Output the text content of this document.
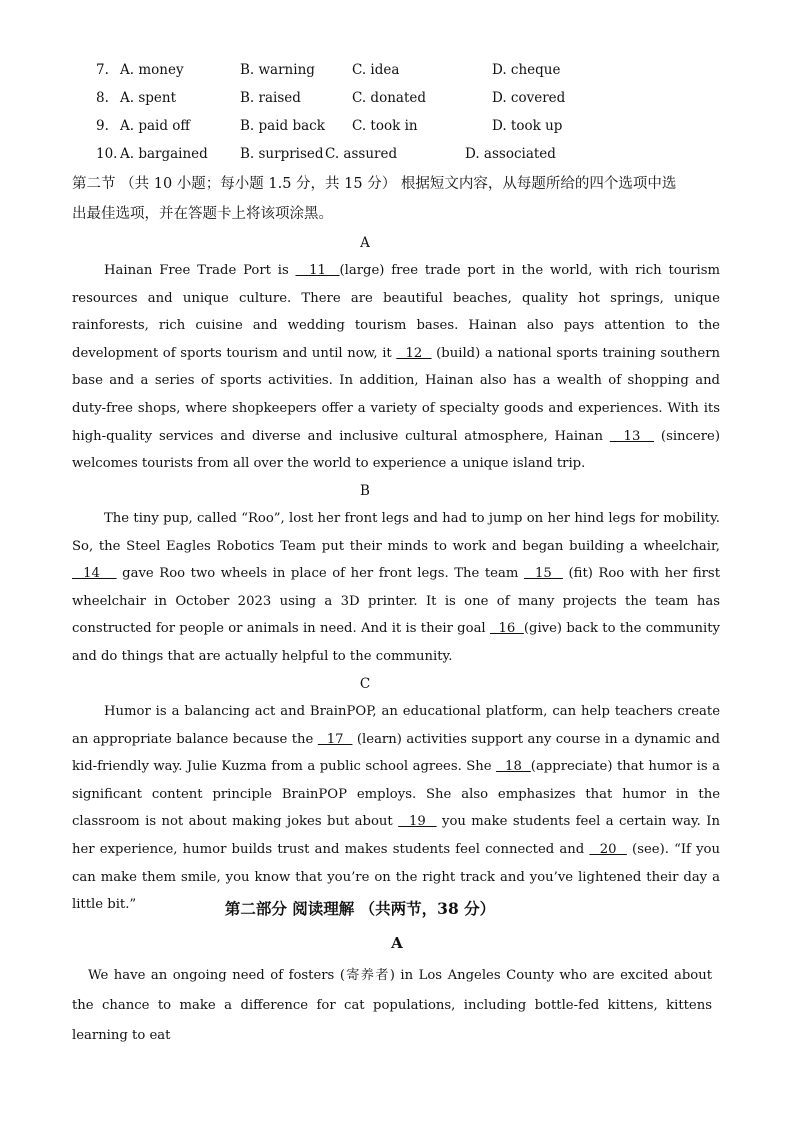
7. A. money	B. warning	C. idea	D. cheque
8. A. spent	B. raised	C. donated	D. covered
9. A. paid off	B. paid back C. took in	D. took up
10. A. bargained B. surprised C. assured	D. associated
第二节 （共 10 小题；每小题 1.5 分，共 15 分） 根据短文内容，从每题所给的四个选项中选
出最佳选项，并在答题卡上将该项涂黑。
A

Hainan Free Trade Port is   11  (large) free trade port in the world, with rich tourism resources and unique culture. There are beautiful beaches, quality hot springs, unique rainforests, rich cuisine and wedding tourism bases. Hainan also pays attention to the development of sports tourism and until now, it   12   (build) a national sports training southern base and a series of sports activities. In addition, Hainan also has a wealth of shopping and duty-free shops, where shopkeepers offer a variety of specialty goods and experiences. With its high-quality services and diverse and inclusive cultural atmosphere, Hainan   13   (sincere) welcomes tourists from all over the world to experience a unique island trip.

B

The tiny pup, called “Roo”, lost her front legs and had to jump on her hind legs for mobility. So, the Steel Eagles Robotics Team put their minds to work and began building a wheelchair,   14    gave Roo two wheels in place of her front legs. The team   15   (fit) Roo with her first wheelchair in October 2023 using a 3D printer. It is one of many projects the team has constructed for people or animals in need. And it is their goal   16  (give) back to the community and do things that are actually helpful to the community.

C

Humor is a balancing act and BrainPOP, an educational platform, can help teachers create an appropriate balance because the   17   (learn) activities support any course in a dynamic and kid-friendly way. Julie Kuzma from a public school agrees. She   18  (appreciate) that humor is a significant content principle BrainPOP employs. She also emphasizes that humor in the classroom is not about making jokes but about   19   you make students feel a certain way. In her experience, humor builds trust and makes students feel connected and   20   (see). “If you can make them smile, you know that you’re on the right track and you’ve lightened their day a little bit.”	第二部分 阅读理解 （共两节，38 分）
A

We have an ongoing need of fosters (寄养者) in Los Angeles County who are excited about the chance to make a difference for cat populations, including bottle-fed kittens, kittens learning to eat
